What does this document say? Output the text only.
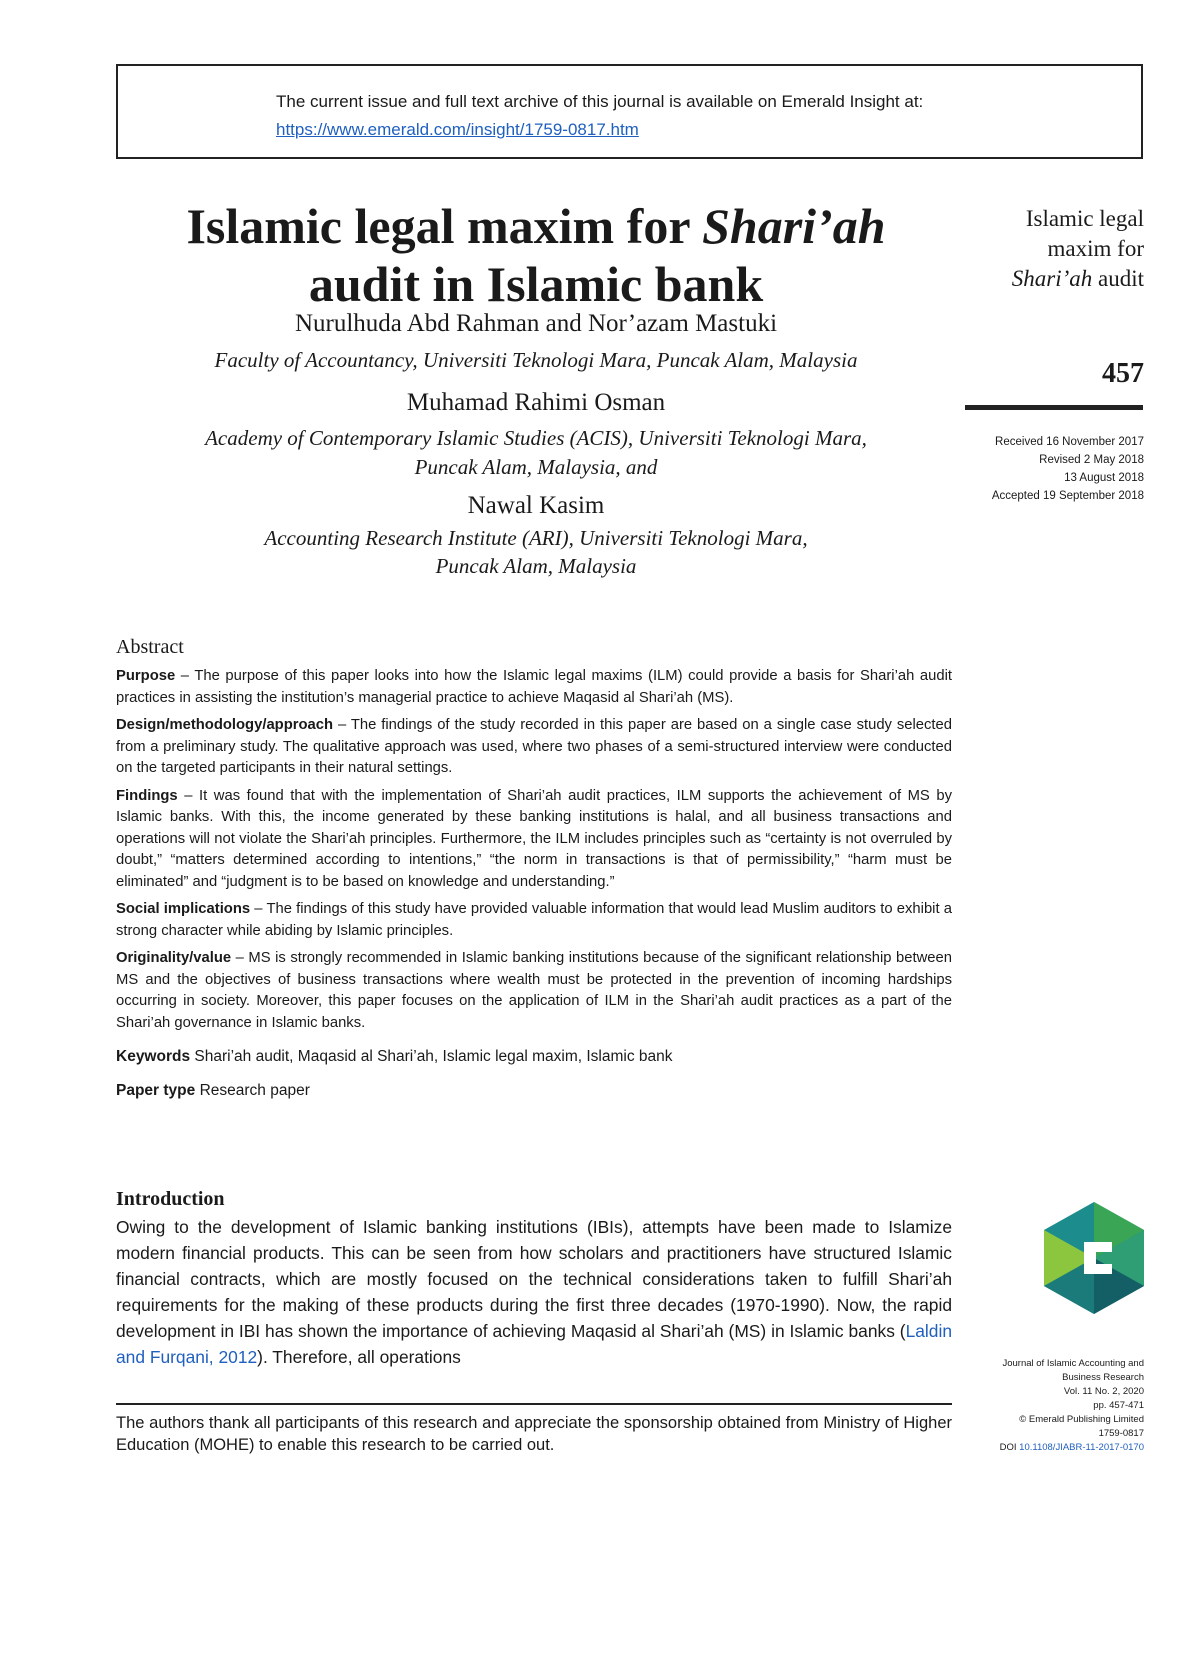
The current issue and full text archive of this journal is available on Emerald Insight at:
https://www.emerald.com/insight/1759-0817.htm
Islamic legal maxim for Shari’ah
audit in Islamic bank
Nurulhuda Abd Rahman and Nor’azam Mastuki
Faculty of Accountancy, Universiti Teknologi Mara, Puncak Alam, Malaysia
Muhamad Rahimi Osman
Academy of Contemporary Islamic Studies (ACIS), Universiti Teknologi Mara,
Puncak Alam, Malaysia, and
Nawal Kasim
Accounting Research Institute (ARI), Universiti Teknologi Mara,
Puncak Alam, Malaysia
Islamic legal
maxim for
Shari’ah audit
457
Received 16 November 2017
Revised 2 May 2018
13 August 2018
Accepted 19 September 2018
Abstract

Purpose – The purpose of this paper looks into how the Islamic legal maxims (ILM) could provide a basis for Shari’ah audit practices in assisting the institution’s managerial practice to achieve Maqasid al Shari’ah (MS).

Design/methodology/approach – The findings of the study recorded in this paper are based on a single case study selected from a preliminary study. The qualitative approach was used, where two phases of a semi-structured interview were conducted on the targeted participants in their natural settings.

Findings – It was found that with the implementation of Shari’ah audit practices, ILM supports the achievement of MS by Islamic banks. With this, the income generated by these banking institutions is halal, and all business transactions and operations will not violate the Shari’ah principles. Furthermore, the ILM includes principles such as “certainty is not overruled by doubt,” “matters determined according to intentions,” “the norm in transactions is that of permissibility,” “harm must be eliminated” and “judgment is to be based on knowledge and understanding.”

Social implications – The findings of this study have provided valuable information that would lead Muslim auditors to exhibit a strong character while abiding by Islamic principles.

Originality/value – MS is strongly recommended in Islamic banking institutions because of the significant relationship between MS and the objectives of business transactions where wealth must be protected in the prevention of incoming hardships occurring in society. Moreover, this paper focuses on the application of ILM in the Shari’ah audit practices as a part of the Shari’ah governance in Islamic banks.

Keywords Shari’ah audit, Maqasid al Shari’ah, Islamic legal maxim, Islamic bank
Paper type Research paper
Introduction

Owing to the development of Islamic banking institutions (IBIs), attempts have been made to Islamize modern financial products. This can be seen from how scholars and practitioners have structured Islamic financial contracts, which are mostly focused on the technical considerations taken to fulfill Shari’ah requirements for the making of these products during the first three decades (1970-1990). Now, the rapid development in IBI has shown the importance of achieving Maqasid al Shari’ah (MS) in Islamic banks (Laldin and Furqani, 2012). Therefore, all operations

The authors thank all participants of this research and appreciate the sponsorship obtained from Ministry of Higher Education (MOHE) to enable this research to be carried out.
Journal of Islamic Accounting and
Business Research
Vol. 11 No. 2, 2020
pp. 457-471
© Emerald Publishing Limited
1759-0817
DOI 10.1108/JIABR-11-2017-0170
